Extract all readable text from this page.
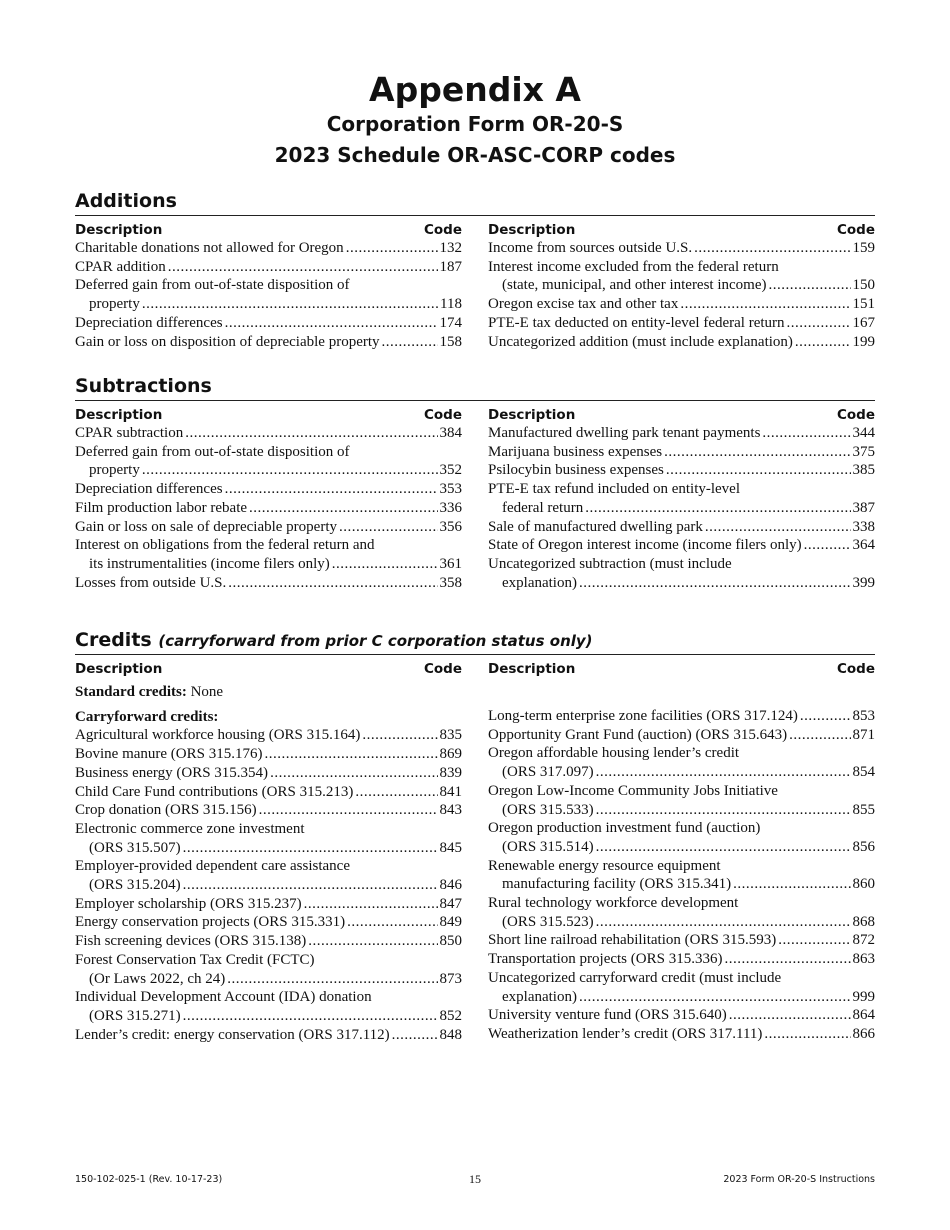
Appendix A
Corporation Form OR-20-S
2023 Schedule OR-ASC-CORP codes
Additions
Description	Code
Charitable donations not allowed for Oregon .....	132
CPAR addition .....	187
Deferred gain from out-of-state disposition of
property .....	118
Depreciation differences .....	174
Gain or loss on disposition of depreciable property .....	158
Description	Code
Income from sources outside U.S. .....	159
Interest income excluded from the federal return
(state, municipal, and other interest income) .....	150
Oregon excise tax and other tax .....	151
PTE-E tax deducted on entity-level federal return .....	167
Uncategorized addition (must include explanation) .....	199
Subtractions
Description	Code
CPAR subtraction .....	384
Deferred gain from out-of-state disposition of
property .....	352
Depreciation differences .....	353
Film production labor rebate .....	336
Gain or loss on sale of depreciable property .....	356
Interest on obligations from the federal return and
its instrumentalities (income filers only) .....	361
Losses from outside U.S. .....	358
Description	Code
Manufactured dwelling park tenant payments .....	344
Marijuana business expenses .....	375
Psilocybin business expenses .....	385
PTE-E tax refund included on entity-level
federal return .....	387
Sale of manufactured dwelling park .....	338
State of Oregon interest income (income filers only) .....	364
Uncategorized subtraction (must include
explanation) .....	399
Credits (carryforward from prior C corporation status only)
Description	Code
Standard credits: None
Carryforward credits:
Agricultural workforce housing (ORS 315.164) .....	835
Bovine manure (ORS 315.176) .....	869
Business energy (ORS 315.354) .....	839
Child Care Fund contributions (ORS 315.213) .....	841
Crop donation (ORS 315.156) .....	843
Electronic commerce zone investment
(ORS 315.507) .....	845
Employer-provided dependent care assistance
(ORS 315.204) .....	846
Employer scholarship (ORS 315.237) .....	847
Energy conservation projects (ORS 315.331) .....	849
Fish screening devices (ORS 315.138) .....	850
Forest Conservation Tax Credit (FCTC)
(Or Laws 2022, ch 24) .....	873
Individual Development Account (IDA) donation
(ORS 315.271) .....	852
Lender’s credit: energy conservation (ORS 317.112) .....	848
Description	Code
Long-term enterprise zone facilities (ORS 317.124) .....	853
Opportunity Grant Fund (auction) (ORS 315.643) .....	871
Oregon affordable housing lender’s credit
(ORS 317.097) .....	854
Oregon Low-Income Community Jobs Initiative
(ORS 315.533) .....	855
Oregon production investment fund (auction)
(ORS 315.514) .....	856
Renewable energy resource equipment
manufacturing facility (ORS 315.341) .....	860
Rural technology workforce development
(ORS 315.523) .....	868
Short line railroad rehabilitation (ORS 315.593) .....	872
Transportation projects (ORS 315.336) .....	863
Uncategorized carryforward credit (must include
explanation) .....	999
University venture fund (ORS 315.640) .....	864
Weatherization lender’s credit (ORS 317.111) .....	866
150-102-025-1 (Rev. 10-17-23)	15	2023 Form OR-20-S Instructions
